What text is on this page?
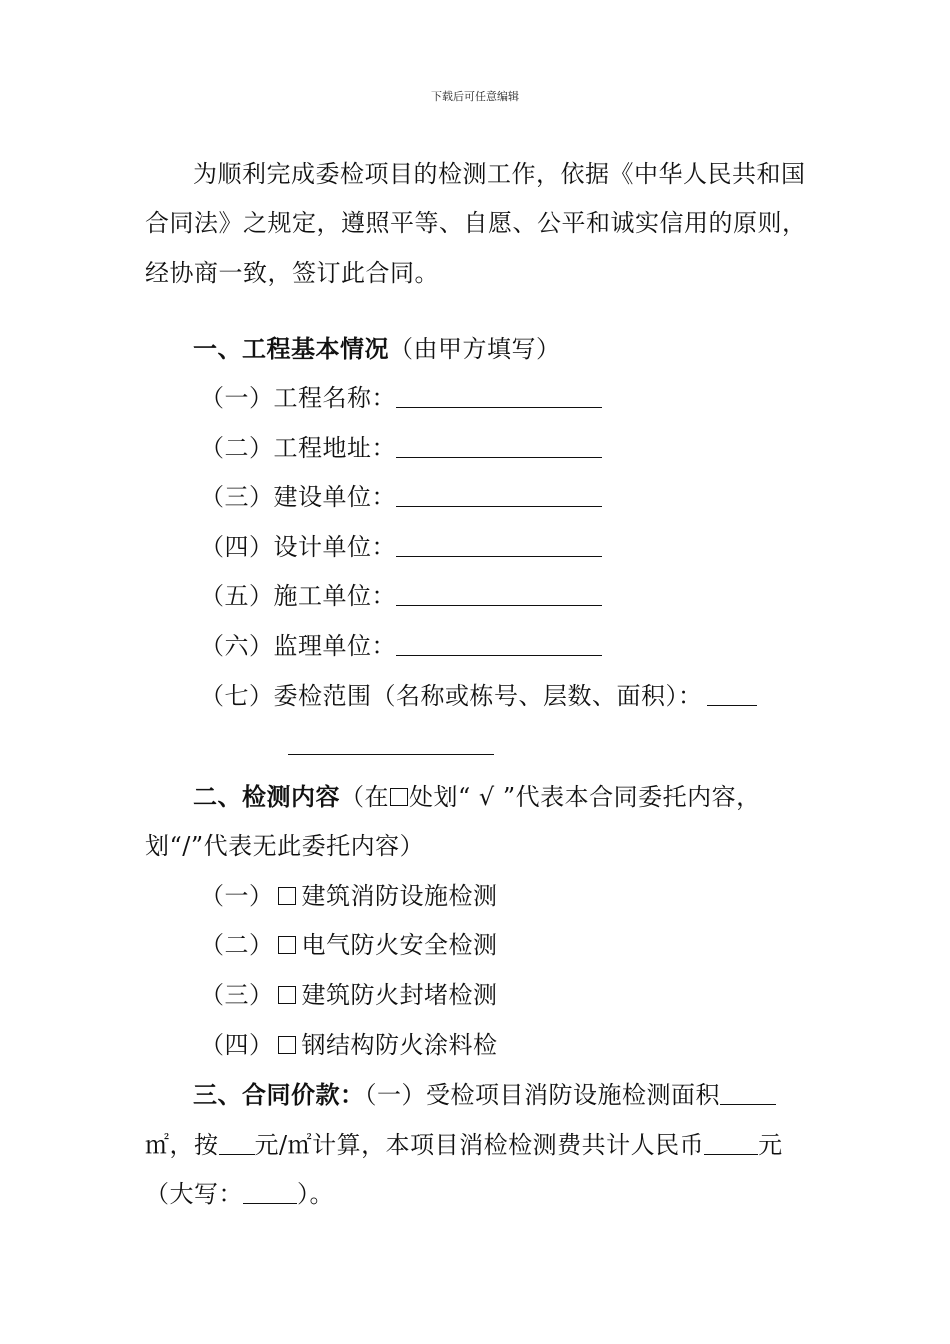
下载后可任意编辑
为顺利完成委检项目的检测工作，依据《中华人民共和国
合同法》之规定，遵照平等、自愿、公平和诚实信用的原则，
经协商一致，签订此合同。
一、工程基本情况（由甲方填写）
（一）工程名称：
（二）工程地址：
（三）建设单位：
（四）设计单位：
（五）施工单位：
（六）监理单位：
（七）委检范围（名称或栋号、层数、面积）：
二、检测内容（在 处划“ √ ”代表本合同委托内容，
划“/”代表无此委托内容）
（一） 建筑消防设施检测
（二） 电气防火安全检测
（三） 建筑防火封堵检测
（四） 钢结构防火涂料检
三、合同价款：（一）受检项目消防设施检测面积
㎡，按 元/㎡计算，本项目消检检测费共计人民币 元
（大写： ）。
